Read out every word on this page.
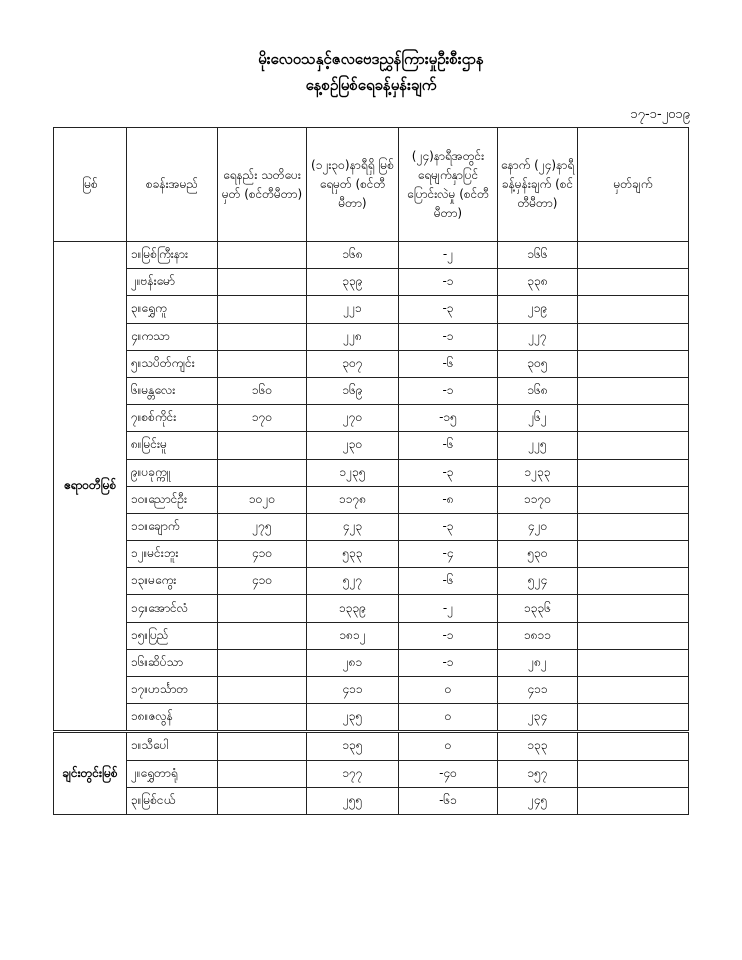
မိုးလေဝသနှင့်ဇလဗေဒညွှန်ကြားမှုဦးစီးဌာန
နေ့စဉ်မြစ်ရေခန့်မှန်းချက်
၁၇-၁-၂၀၁၉
မြစ်	စခန်းအမည်	ရေနည်း သတိပေးမှတ် (စင်တီမီတာ)	(၁၂း၃၀)နာရီရှိ မြစ်ရေမှတ် (စင်တီမီတာ)	(၂၄)နာရီအတွင်း ရေမျက်နှာပြင် ပြောင်းလဲမှု (စင်တီမီတာ)	နောက် (၂၄)နာရီ ခန့်မှန်းချက် (စင်တီမီတာ)	မှတ်ချက်
ဧရာဝတီမြစ်	၁။မြစ်ကြီးနား		၁၆၈	-၂	၁၆၆	
	၂။ဗန်းမော်		၃၃၉	-၁	၃၃၈	
	၃။ရွှေကူ		၂၂၁	-၃	၂၁၉	
	၄။ကသာ		၂၂၈	-၁	၂၂၇	
	၅။သပိတ်ကျင်း		၃၀၇	-၆	၃၀၅	
	၆။မန္တလေး	၁၆၀	၁၆၉	-၁	၁၆၈	
	၇။စစ်ကိုင်း	၁၇၀	၂၇၀	-၁၅	၂၆၂	
	၈။မြင်းမူ		၂၃၀	-၆	၂၂၅	
	၉။ပခုက္ကူ		၁၂၃၅	-၃	၁၂၃၃	
	၁၀။ညောင်ဦး	၁၀၂၀	၁၁၇၈	-၈	၁၁၇၀	
	၁၁။ချောက်	၂၇၅	၄၂၃	-၃	၄၂၀	
	၁၂။မင်းဘူး	၄၁၀	၅၃၃	-၄	၅၃၀	
	၁၃။မကွေး	၄၁၀	၅၂၇	-၆	၅၂၄	
	၁၄။အောင်လံ		၁၃၃၉	-၂	၁၃၃၆	
	၁၅။ပြည်		၁၈၁၂	-၁	၁၈၁၁	
	၁၆။ဆိပ်သာ		၂၈၁	-၁	၂၈၂	
	၁၇။ဟင်္သာတ		၄၁၁	၀	၄၁၁	
	၁၈။ဇလွန်		၂၃၅	၀	၂၃၄	
ချင်းတွင်းမြစ်	၁။သီပေါ		၁၃၅	၀	၁၃၃	
	၂။ရွှေတာရုံ		၁၇၇	-၄၀	၁၅၇	
	၃။မြစ်ငယ်		၂၅၅	-၆၁	၂၄၅	
